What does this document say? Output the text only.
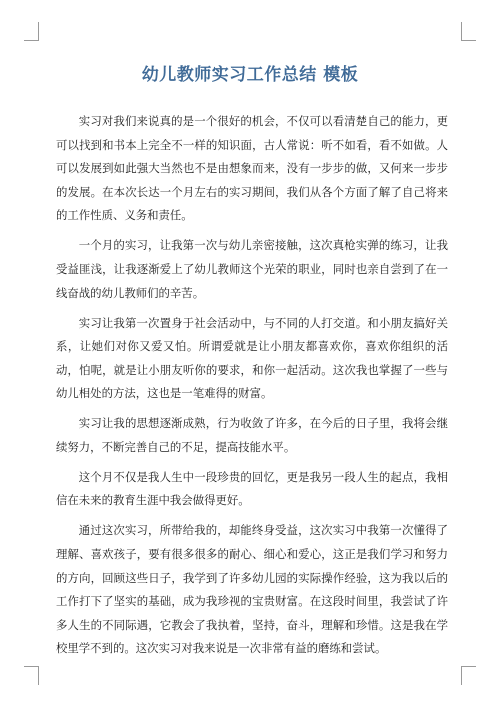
幼儿教师实习工作总结 模板

实习对我们来说真的是一个很好的机会，不仅可以看清楚自己的能力，更可以找到和书本上完全不一样的知识面，古人常说：听不如看，看不如做。人可以发展到如此强大当然也不是由想象而来，没有一步步的做，又何来一步步的发展。在本次长达一个月左右的实习期间，我们从各个方面了解了自己将来的工作性质、义务和责任。

一个月的实习，让我第一次与幼儿亲密接触，这次真枪实弹的练习，让我受益匪浅，让我逐渐爱上了幼儿教师这个光荣的职业，同时也亲自尝到了在一线奋战的幼儿教师们的辛苦。

实习让我第一次置身于社会活动中，与不同的人打交道。和小朋友搞好关系，让她们对你又爱又怕。所谓爱就是让小朋友都喜欢你，喜欢你组织的活动，怕呢，就是让小朋友听你的要求，和你一起活动。这次我也掌握了一些与幼儿相处的方法，这也是一笔难得的财富。

实习让我的思想逐渐成熟，行为收敛了许多，在今后的日子里，我将会继续努力，不断完善自己的不足，提高技能水平。

这个月不仅是我人生中一段珍贵的回忆，更是我另一段人生的起点，我相信在未来的教育生涯中我会做得更好。

通过这次实习，所带给我的，却能终身受益，这次实习中我第一次懂得了理解、喜欢孩子，要有很多很多的耐心、细心和爱心，这正是我们学习和努力的方向，回顾这些日子，我学到了许多幼儿园的实际操作经验，这为我以后的工作打下了坚实的基础，成为我珍视的宝贵财富。在这段时间里，我尝试了许多人生的不同际遇，它教会了我执着，坚持，奋斗，理解和珍惜。这是我在学校里学不到的。这次实习对我来说是一次非常有益的磨练和尝试。
